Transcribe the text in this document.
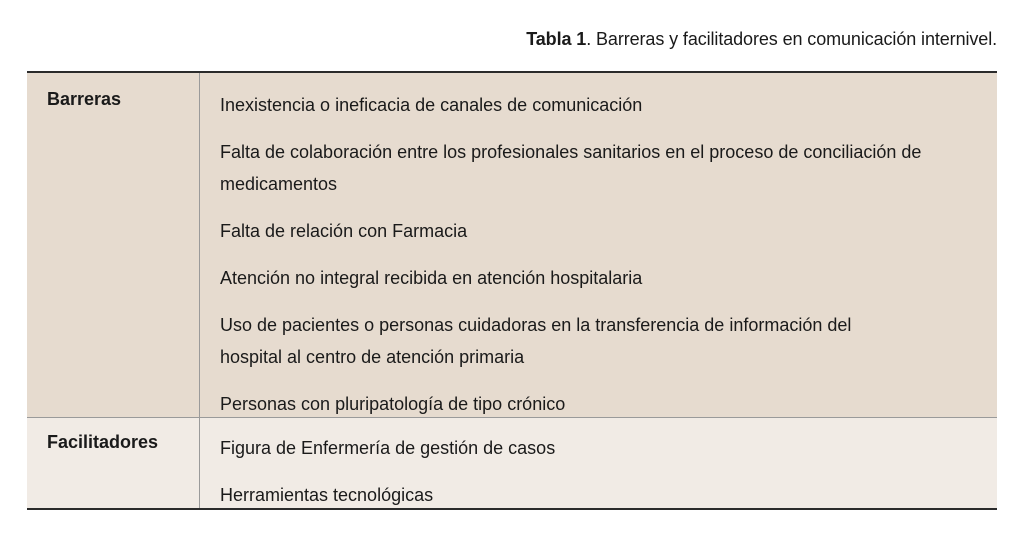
Tabla 1. Barreras y facilitadores en comunicación internivel.
Barreras	Inexistencia o ineficacia de canales de comunicación
Falta de colaboración entre los profesionales sanitarios en el proceso de conciliación de
medicamentos
Falta de relación con Farmacia
Atención no integral recibida en atención hospitalaria
Uso de pacientes o personas cuidadoras en la transferencia de información del
hospital al centro de atención primaria
Personas con pluripatología de tipo crónico
Facilitadores	Figura de Enfermería de gestión de casos
Herramientas tecnológicas
